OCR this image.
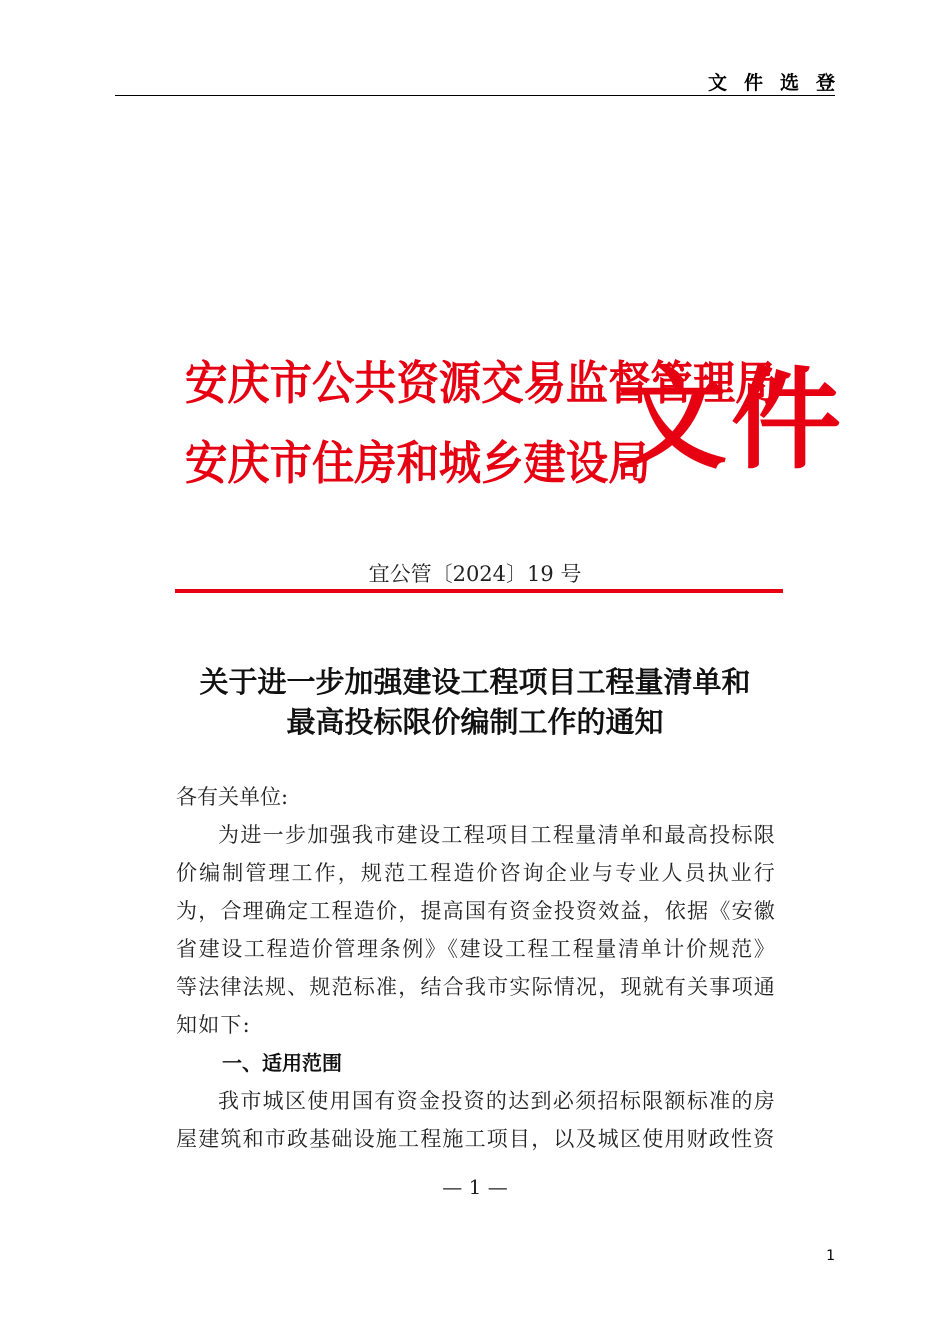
文件选登
安庆市公共资源交易监督管理局
安庆市住房和城乡建设局
文件
宜公管〔2024〕19 号
关于进一步加强建设工程项目工程量清单和
最高投标限价编制工作的通知

各有关单位:

为进一步加强我市建设工程项目工程量清单和最高投标限价编制管理工作，规范工程造价咨询企业与专业人员执业行为，合理确定工程造价，提高国有资金投资效益，依据《安徽省建设工程造价管理条例》《建设工程工程量清单计价规范》等法律法规、规范标准，结合我市实际情况，现就有关事项通知如下:

一、适用范围

我市城区使用国有资金投资的达到必须招标限额标准的房屋建筑和市政基础设施工程施工项目，以及城区使用财政性资

— 1 —
1
